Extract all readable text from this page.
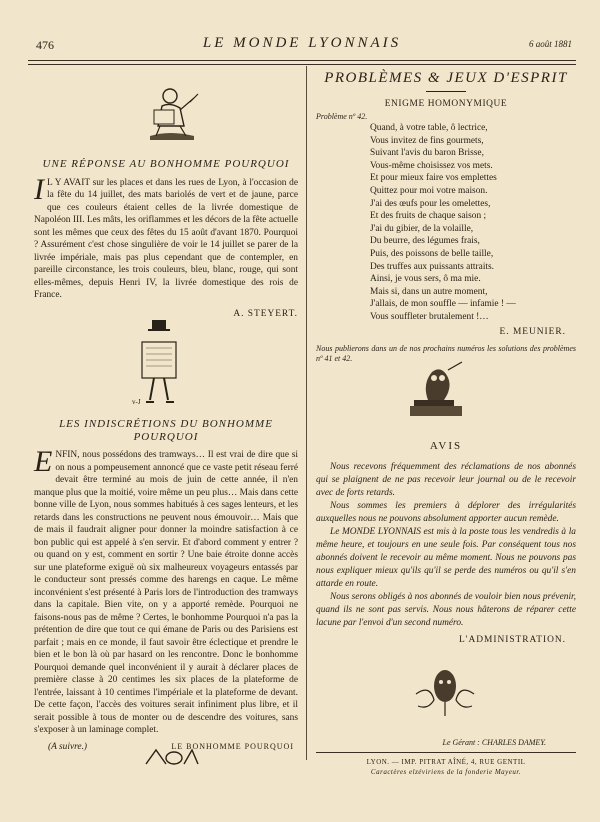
476	LE MONDE LYONNAIS	6 août 1881
UNE RÉPONSE AU BONHOMME POURQUOI
I L Y AVAIT sur les places et dans les rues de Lyon, à l'occasion de la fête du 14 juillet, des mats bariolés de vert et de jaune, parce que ces couleurs étaient celles de la livrée domestique de Napoléon III. Les mâts, les oriflammes et les décors de la fête actuelle sont les mêmes que ceux des fêtes du 15 août d'avant 1870. Pourquoi ? Assurément c'est chose singulière de voir le 14 juillet se parer de la livrée impériale, mais pas plus cependant que de contempler, en pareille circonstance, les trois couleurs, bleu, blanc, rouge, qui sont elles-mêmes, depuis Henri IV, la livrée domestique des rois de France.
A. STEYERT.
v-J
LES INDISCRÉTIONS DU BONHOMME POURQUOI
E NFIN, nous possédons des tramways… Il est vrai de dire que si on nous a pompeusement annoncé que ce vaste petit réseau ferré devait être terminé au mois de juin de cette année, il n'en manque plus que la moitié, voire même un peu plus… Mais dans cette bonne ville de Lyon, nous sommes habitués à ces sages lenteurs, et les retards dans les constructions ne peuvent nous émouvoir… Mais que de mais il faudrait aligner pour donner la moindre satisfaction à ce bon public qui est appelé à s'en servir. Et d'abord comment y entrer ? ou quand on y est, comment en sortir ? Une baie étroite donne accès sur une plateforme exiguë où six malheureux voyageurs entassés par le conducteur sont pressés comme des harengs en caque. Le même inconvénient s'est présenté à Paris lors de l'introduction des tramways dans la capitale. Bien vite, on y a apporté remède. Pourquoi ne faisons-nous pas de même ? Certes, le bonhomme Pourquoi n'a pas la prétention de dire que tout ce qui émane de Paris ou des Parisiens est parfait ; mais en ce monde, il faut savoir être éclectique et prendre le bien et le bon là où par hasard on les rencontre. Donc le bonhomme Pourquoi demande quel inconvénient il y aurait à déclarer places de première classe à 20 centimes les six places de la plateforme de l'entrée, laissant à 10 centimes l'impériale et la plateforme de devant. De cette façon, l'accès des voitures serait infiniment plus libre, et il serait possible à tous de monter ou de descendre des voitures, sans s'exposer à un laminage complet.
(A suivre.)	LE BONHOMME POURQUOI
PROBLÈMES & JEUX D'ESPRIT
ENIGME HOMONYMIQUE
Problème nº 42.
Quand, à votre table, ô lectrice,
Vous invitez de fins gourmets,
Suivant l'avis du baron Brisse,
Vous-même choisissez vos mets.
Et pour mieux faire vos emplettes
Quittez pour moi votre maison.
J'ai des œufs pour les omelettes,
Et des fruits de chaque saison ;
J'ai du gibier, de la volaille,
Du beurre, des légumes frais,
Puis, des poissons de belle taille,
Des truffes aux puissants attraits.
Ainsi, je vous sers, ô ma mie.
Mais si, dans un autre moment,
J'allais, de mon souffle — infamie ! —
Vous souffleter brutalement !…
E. MEUNIER.
Nous publierons dans un de nos prochains numéros les solutions des problèmes nº 41 et 42.
AVIS

Nous recevons fréquemment des réclamations de nos abonnés qui se plaignent de ne pas recevoir leur journal ou de le recevoir avec de forts retards.

Nous sommes les premiers à déplorer des irrégularités auxquelles nous ne pouvons absolument apporter aucun remède.

Le MONDE LYONNAIS est mis à la poste tous les vendredis à la même heure, et toujours en une seule fois. Par conséquent tous nos abonnés doivent le recevoir au même moment. Nous ne pouvons pas nous expliquer mieux qu'ils qu'il se perde des numéros ou qu'il s'en attarde en route.

Nous serons obligés à nos abonnés de vouloir bien nous prévenir, quand ils ne sont pas servis. Nous nous hâterons de réparer cette lacune par l'envoi d'un second numéro.

L'ADMINISTRATION.
Le Gérant : CHARLES DAMEY.
LYON. — IMP. PITRAT AÎNÉ, 4, RUE GENTIL
Caractères elzéviriens de la fonderie Mayeur.
